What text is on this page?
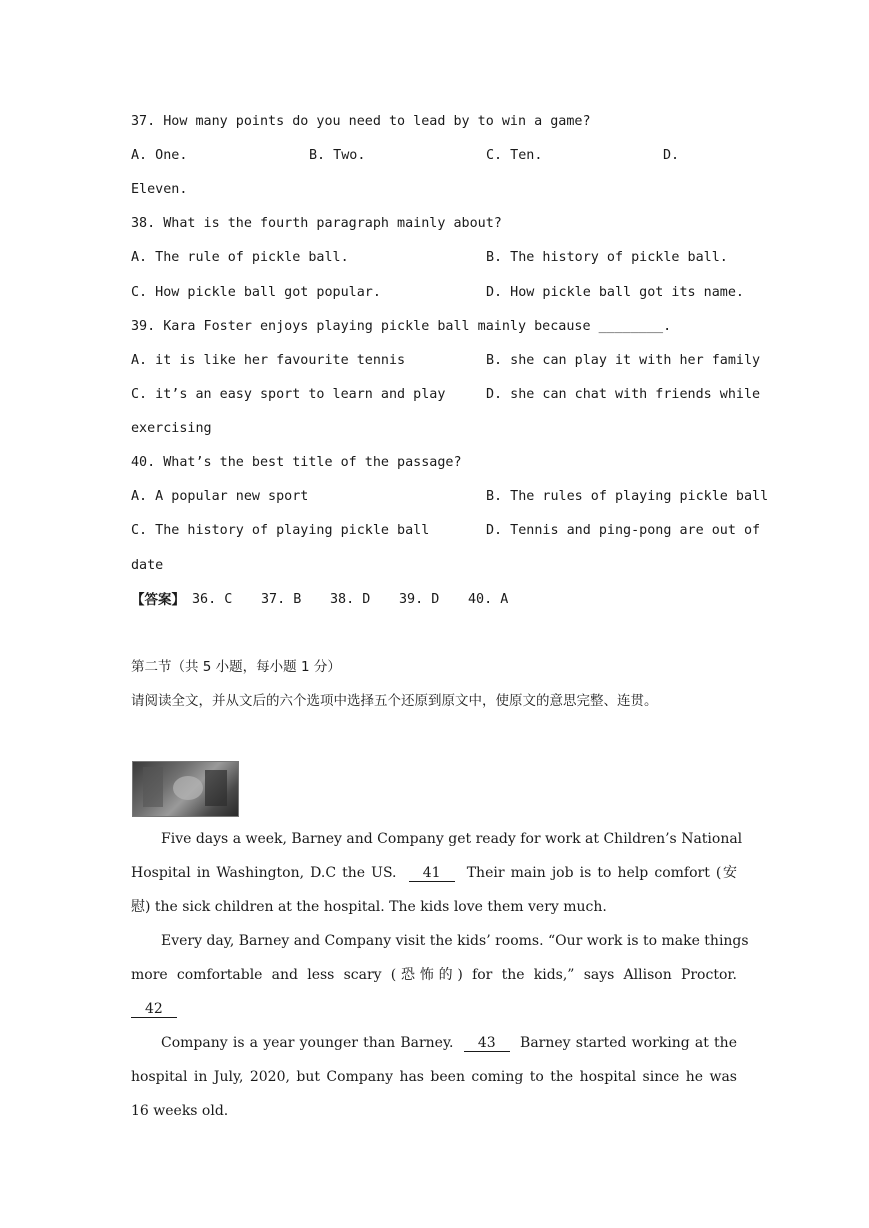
37. How many points do you need to lead by to win a game?
A. One.	B. Two.	C. Ten.	D.
Eleven.
38. What is the fourth paragraph mainly about?
A. The rule of pickle ball.	B. The history of pickle ball.
C. How pickle ball got popular.	D. How pickle ball got its name.
39. Kara Foster enjoys playing pickle ball mainly because ________.
A. it is like her favourite tennis	B. she can play it with her family
C. it’s an easy sport to learn and play	D. she can chat with friends while
exercising
40. What’s the best title of the passage?
A. A popular new sport	B. The rules of playing pickle ball
C. The history of playing pickle ball	D. Tennis and ping-pong are out of
date
【答案】 36. C 37. B 38. D 39. D 40. A
第二节（共 5 小题，每小题 1 分）
请阅读全文，并从文后的六个选项中选择五个还原到原文中，使原文的意思完整、连贯。
Five days a week, Barney and Company get ready for work at Children’s National
Hospital in Washington, D.C the US. 41 Their main job is to help comfort (安
慰) the sick children at the hospital. The kids love them very much.
Every day, Barney and Company visit the kids’ rooms. “Our work is to make things
more comfortable and less scary (恐怖的) for the kids,” says Allison Proctor.
42
Company is a year younger than Barney. 43 Barney started working at the
hospital in July, 2020, but Company has been coming to the hospital since he was
16 weeks old.
